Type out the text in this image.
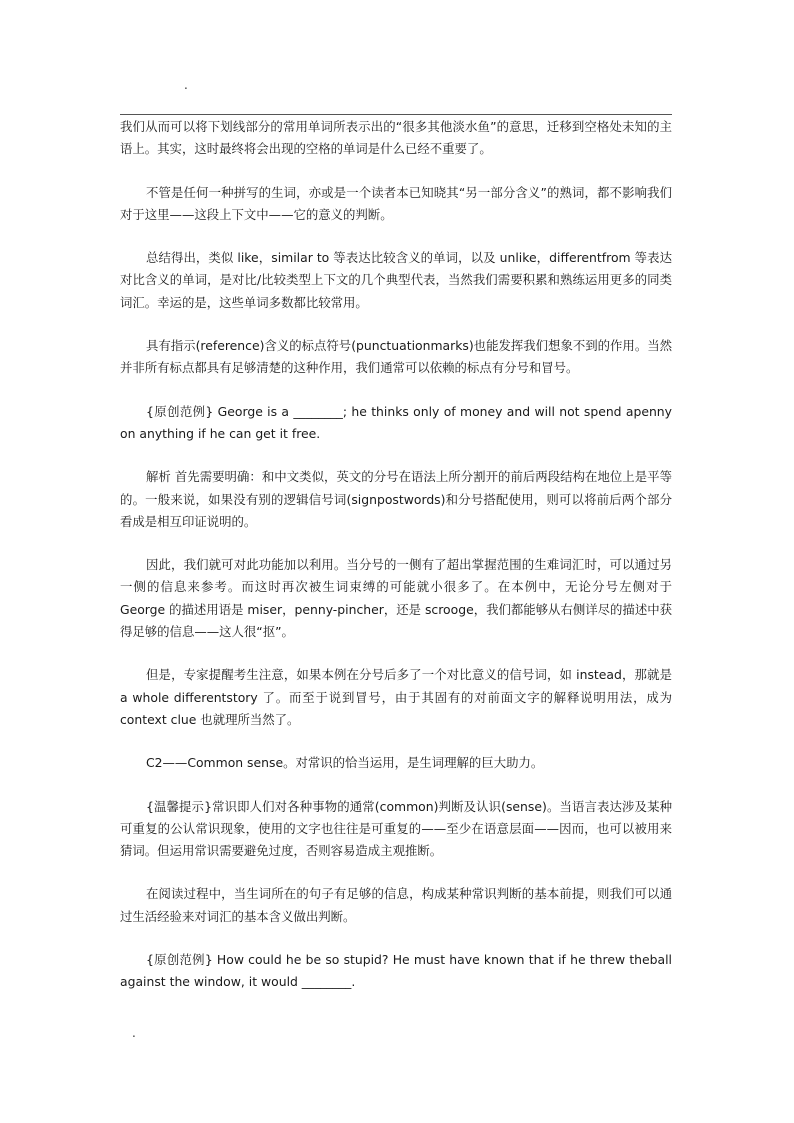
.

我们从而可以将下划线部分的常用单词所表示出的“很多其他淡水鱼”的意思，迁移到空格处未知的主语上。其实，这时最终将会出现的空格的单词是什么已经不重要了。

不管是任何一种拼写的生词，亦或是一个读者本已知晓其“另一部分含义”的熟词，都不影响我们对于这里——这段上下文中——它的意义的判断。

总结得出，类似 like，similar to 等表达比较含义的单词，以及 unlike，differentfrom 等表达对比含义的单词，是对比/比较类型上下文的几个典型代表，当然我们需要积累和熟练运用更多的同类词汇。幸运的是，这些单词多数都比较常用。

具有指示(reference)含义的标点符号(punctuationmarks)也能发挥我们想象不到的作用。当然并非所有标点都具有足够清楚的这种作用，我们通常可以依赖的标点有分号和冒号。

{原创范例} George is a ________; he thinks only of money and will not spend apenny on anything if he can get it free.

解析 首先需要明确：和中文类似，英文的分号在语法上所分割开的前后两段结构在地位上是平等的。一般来说，如果没有别的逻辑信号词(signpostwords)和分号搭配使用，则可以将前后两个部分看成是相互印证说明的。

因此，我们就可对此功能加以利用。当分号的一侧有了超出掌握范围的生难词汇时，可以通过另一侧的信息来参考。而这时再次被生词束缚的可能就小很多了。在本例中，无论分号左侧对于 George 的描述用语是 miser，penny-pincher，还是 scrooge，我们都能够从右侧详尽的描述中获得足够的信息——这人很“抠”。

但是，专家提醒考生注意，如果本例在分号后多了一个对比意义的信号词，如 instead，那就是 a whole differentstory 了。而至于说到冒号，由于其固有的对前面文字的解释说明用法，成为 context clue 也就理所当然了。

C2——Common sense。对常识的恰当运用，是生词理解的巨大助力。

{温馨提示}常识即人们对各种事物的通常(common)判断及认识(sense)。当语言表达涉及某种可重复的公认常识现象，使用的文字也往往是可重复的——至少在语意层面——因而，也可以被用来猜词。但运用常识需要避免过度，否则容易造成主观推断。

在阅读过程中，当生词所在的句子有足够的信息，构成某种常识判断的基本前提，则我们可以通过生活经验来对词汇的基本含义做出判断。

{原创范例} How could he be so stupid? He must have known that if he threw theball against the window, it would ________.

.
